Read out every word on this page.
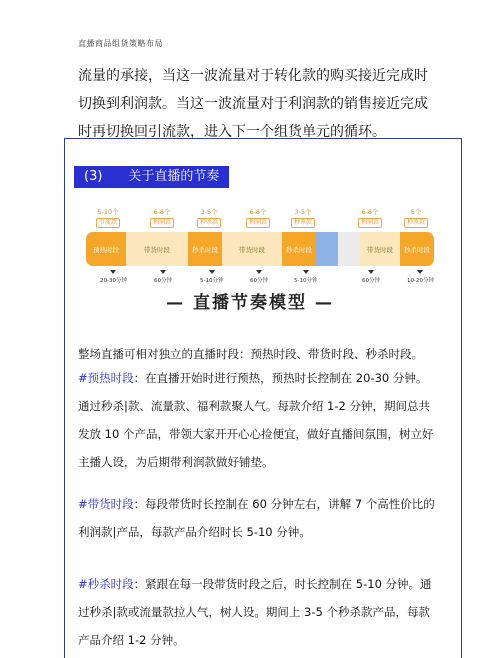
直播商品组货策略布局
流量的承接，当这一波流量对于转化款的购买接近完成时切换到利润款。当这一波流量对于利润款的销售接近完成时再切换回引流款，进入下一个组货单元的循环。
(3) 关于直播的节奏
预热时段	带货时段	秒杀时段	带货时段	秒杀时段	带货时段	秒杀时段
5-10个
引流款
6-8个
利润款
3-5个
秒杀款
6-8个
利润款
3-5个
秒杀款
6-8个
利润款
5个
秒杀款
20-30分钟	60分钟	5-10分钟	60分钟	5-10分钟	60分钟	10-20分钟
— 直播节奏模型 —
整场直播可相对独立的直播时段：预热时段、带货时段、秒杀时段。
#预热时段：在直播开始时进行预热，预热时长控制在 20-30 分钟。通过秒杀|款、流量款、福利款聚人气。每款介绍 1-2 分钟，期间总共发放 10 个产品，带领大家开开心心捡便宜，做好直播间氛围，树立好主播人设，为后期带利润款做好铺垫。
#带货时段：每段带货时长控制在 60 分钟左右，讲解 7 个高性价比的利润款|产品，每款产品介绍时长 5-10 分钟。
#秒杀时段：紧跟在每一段带货时段之后，时长控制在 5-10 分钟。通过秒杀|款或流量款拉人气，树人设。期间上 3-5 个秒杀款产品，每款产品介绍 1-2 分钟。
